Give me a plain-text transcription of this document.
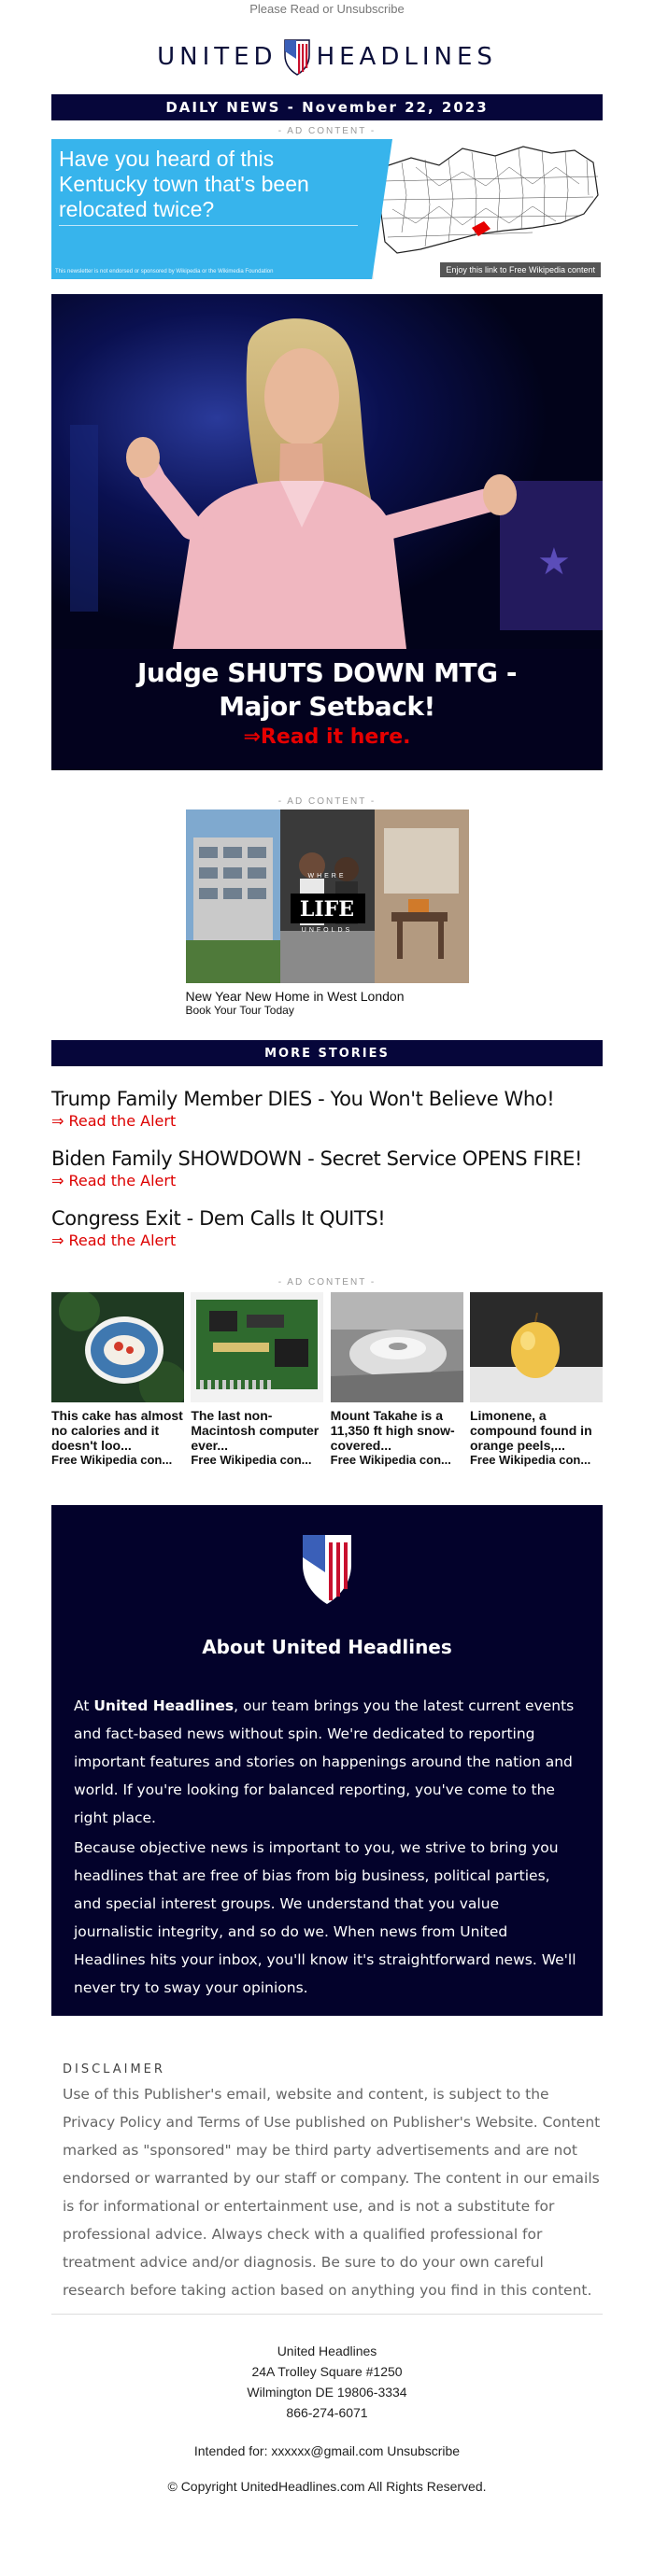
Please Read or Unsubscribe
UNITED HEADLINES
DAILY NEWS - November 22, 2023
- AD CONTENT -
Have you heard of this Kentucky town that's been relocated twice?
This newsletter is not endorsed or sponsored by Wikipedia or the Wikimedia Foundation	Enjoy this link to Free Wikipedia content
★
Judge SHUTS DOWN MTG -
Major Setback!
⇒Read it here.
- AD CONTENT -
WHERE
LIFE
UNFOLDS
New Year New Home in West London
Book Your Tour Today
MORE STORIES
Trump Family Member DIES - You Won't Believe Who!
⇒ Read the Alert
Biden Family SHOWDOWN - Secret Service OPENS FIRE!
⇒ Read the Alert
Congress Exit - Dem Calls It QUITS!
⇒ Read the Alert
- AD CONTENT -
This cake has almost no calories and it doesn't loo...
Free Wikipedia con...
The last non-Macintosh computer ever...
Free Wikipedia con...
Mount Takahe is a 11,350 ft high snow-covered...
Free Wikipedia con...
Limonene, a compound found in orange peels,...
Free Wikipedia con...
About United Headlines
At United Headlines, our team brings you the latest current events and fact-based news without spin. We're dedicated to reporting important features and stories on happenings around the nation and world. If you're looking for balanced reporting, you've come to the right place.
Because objective news is important to you, we strive to bring you headlines that are free of bias from big business, political parties, and special interest groups. We understand that you value journalistic integrity, and so do we. When news from United Headlines hits your inbox, you'll know it's straightforward news. We'll never try to sway your opinions.
DISCLAIMER
Use of this Publisher's email, website and content, is subject to the Privacy Policy and Terms of Use published on Publisher's Website. Content marked as "sponsored" may be third party advertisements and are not endorsed or warranted by our staff or company. The content in our emails is for informational or entertainment use, and is not a substitute for professional advice. Always check with a qualified professional for treatment advice and/or diagnosis. Be sure to do your own careful research before taking action based on anything you find in this content.
United Headlines
24A Trolley Square #1250
Wilmington DE 19806-3334
866-274-6071
Intended for: xxxxxx@gmail.com Unsubscribe
© Copyright UnitedHeadlines.com All Rights Reserved.
